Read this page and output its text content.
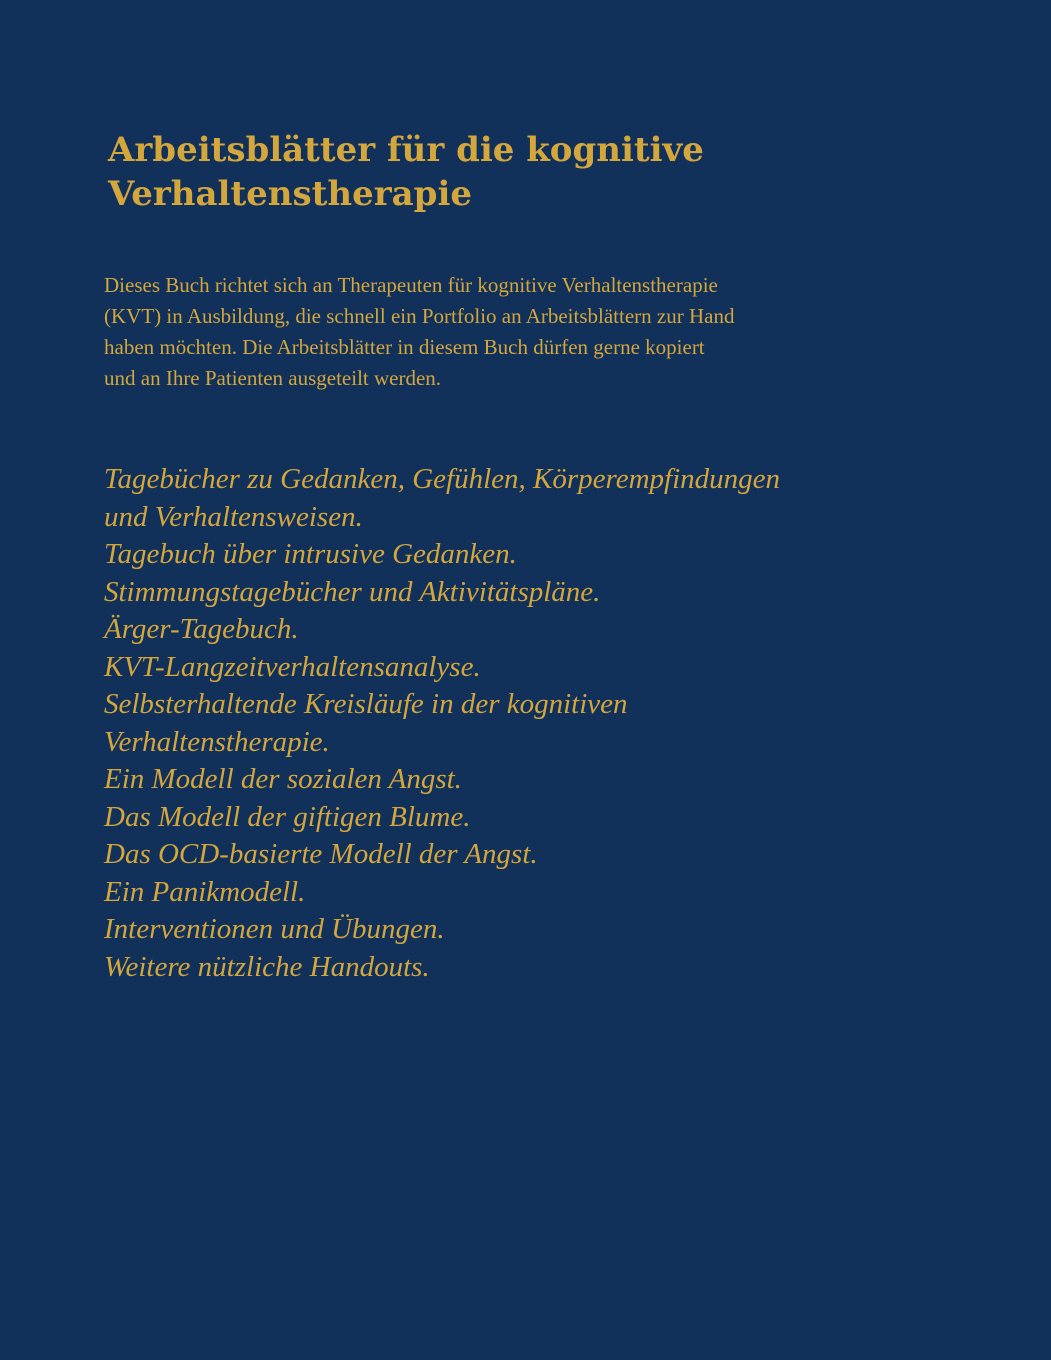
Arbeitsblätter für die kognitive
Verhaltenstherapie

Dieses Buch richtet sich an Therapeuten für kognitive Verhaltenstherapie
(KVT) in Ausbildung, die schnell ein Portfolio an Arbeitsblättern zur Hand
haben möchten. Die Arbeitsblätter in diesem Buch dürfen gerne kopiert
und an Ihre Patienten ausgeteilt werden.

Tagebücher zu Gedanken, Gefühlen, Körperempfindungen
und Verhaltensweisen.
Tagebuch über intrusive Gedanken.
Stimmungstagebücher und Aktivitätspläne.
Ärger-Tagebuch.
KVT-Langzeitverhaltensanalyse.
Selbsterhaltende Kreisläufe in der kognitiven
Verhaltenstherapie.
Ein Modell der sozialen Angst.
Das Modell der giftigen Blume.
Das OCD-basierte Modell der Angst.
Ein Panikmodell.
Interventionen und Übungen.
Weitere nützliche Handouts.
